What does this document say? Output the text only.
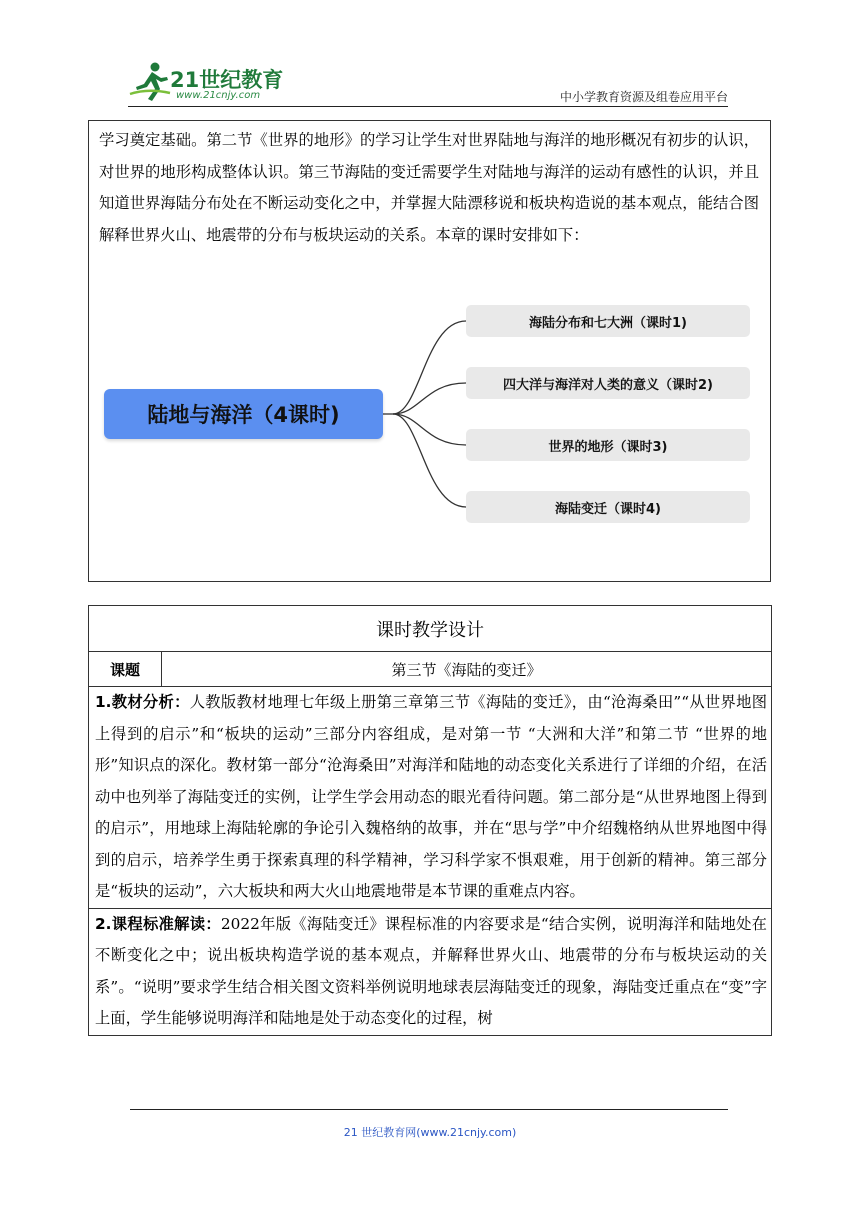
21世纪教育
www.21cnjy.com	中小学教育资源及组卷应用平台
学习奠定基础。第二节《世界的地形》的学习让学生对世界陆地与海洋的地形概况有初步的认识，对世界的地形构成整体认识。第三节海陆的变迁需要学生对陆地与海洋的运动有感性的认识，并且知道世界海陆分布处在不断运动变化之中，并掌握大陆漂移说和板块构造说的基本观点，能结合图解释世界火山、地震带的分布与板块运动的关系。本章的课时安排如下：
陆地与海洋（4课时)
海陆分布和七大洲（课时1)
四大洋与海洋对人类的意义（课时2)
世界的地形（课时3)
海陆变迁（课时4)
课时教学设计
课题	第三节《海陆的变迁》

1.教材分析：人教版教材地理七年级上册第三章第三节《海陆的变迁》，由“沧海桑田”“从世界地图上得到的启示”和“板块的运动”三部分内容组成，是对第一节 “大洲和大洋”和第二节 “世界的地形”知识点的深化。教材第一部分“沧海桑田”对海洋和陆地的动态变化关系进行了详细的介绍，在活动中也列举了海陆变迁的实例，让学生学会用动态的眼光看待问题。第二部分是“从世界地图上得到的启示”，用地球上海陆轮廓的争论引入魏格纳的故事，并在“思与学”中介绍魏格纳从世界地图中得到的启示，培养学生勇于探索真理的科学精神，学习科学家不惧艰难，用于创新的精神。第三部分是“板块的运动”，六大板块和两大火山地震地带是本节课的重难点内容。

2.课程标准解读：2022年版《海陆变迁》课程标准的内容要求是“结合实例，说明海洋和陆地处在不断变化之中；说出板块构造学说的基本观点，并解释世界火山、地震带的分布与板块运动的关系”。“说明”要求学生结合相关图文资料举例说明地球表层海陆变迁的现象，海陆变迁重点在“变”字上面，学生能够说明海洋和陆地是处于动态变化的过程，树
21 世纪教育网(www.21cnjy.com)
